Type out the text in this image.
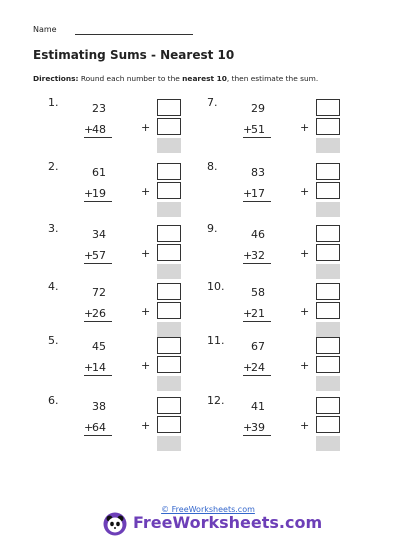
Name
Estimating Sums - Nearest 10
Directions: Round each number to the nearest 10, then estimate the sum.
1.	23
+
48	+
2.	61
+
19	+
3.	34
+
57	+
4.	72
+
26	+
5.	45
+
14	+
6.	38
+
64	+
7.	29
+
51	+
8.	83
+
17	+
9.	46
+
32	+
10.	58
+
21	+
11.	67
+
24	+
12.	41
+
39	+
© FreeWorksheets.com
FreeWorksheets.com
